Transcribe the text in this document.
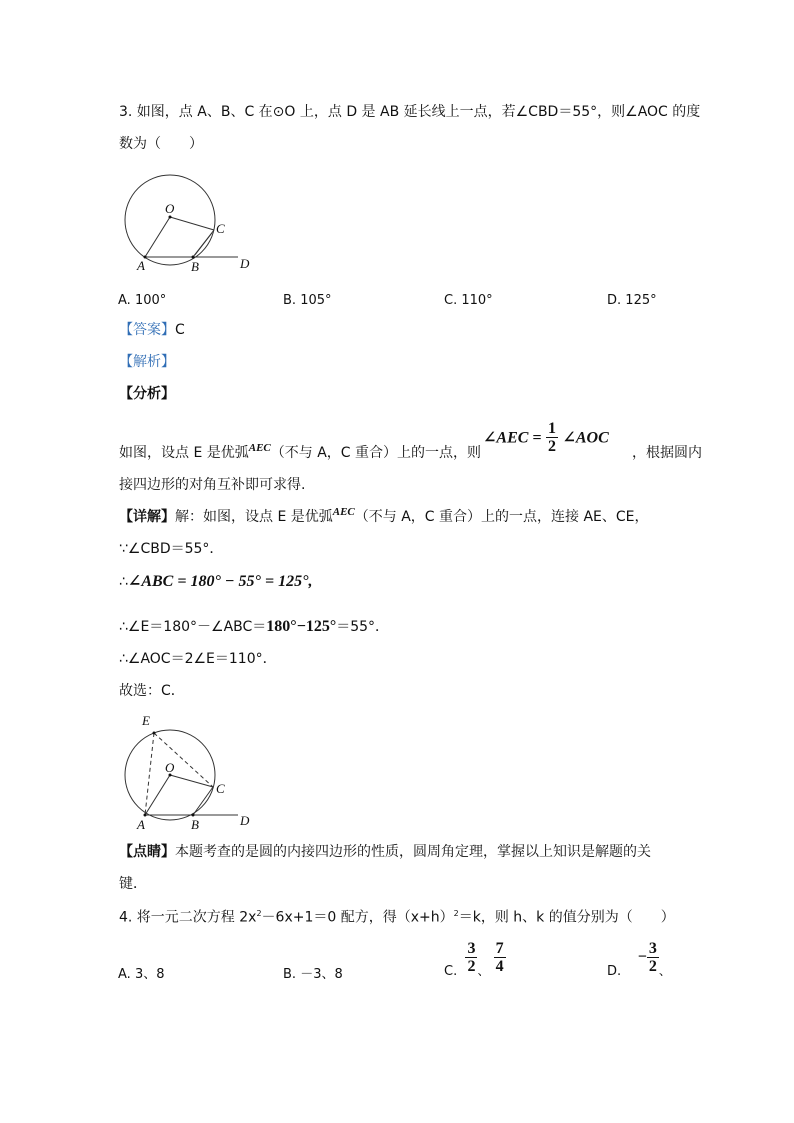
3. 如图，点 A、B、C 在⊙O 上，点 D 是 AB 延长线上一点，若∠CBD＝55°，则∠AOC 的度
数为（　　）
O
C
A	B	D
A. 100°	B. 105°	C. 110°	D. 125°
【答案】C
【解析】
【分析】
如图，设点 E 是优弧$^{AEC}$（不与 A，C 重合）上的一点，则
∠AEC = $\frac{1}{2}$ ∠AOC
，根据圆内
接四边形的对角互补即可求得.
【详解】解：如图，设点 E 是优弧$^{AEC}$（不与 A，C 重合）上的一点，连接 AE、CE，
∵∠CBD＝55°．
∴∠ABC = 180° − 55° = 125°,
∴∠E＝180°－∠ABC＝180°−125°＝55°．
∴∠AOC＝2∠E＝110°．
故选：C．
E
O
C
A	B	D
【点睛】本题考查的是圆的内接四边形的性质，圆周角定理，掌握以上知识是解题的关
键．
4. 将一元二次方程 $2x^2-6x+1=0$ 配方，得$(x+h)^2=k$，则 h、k 的值分别为（　　）
A. 3、8	B. －3、8	C. $\frac{3}{2}$ 、 $\frac{7}{4}$	D.    − $\frac{3}{2}$ 、
